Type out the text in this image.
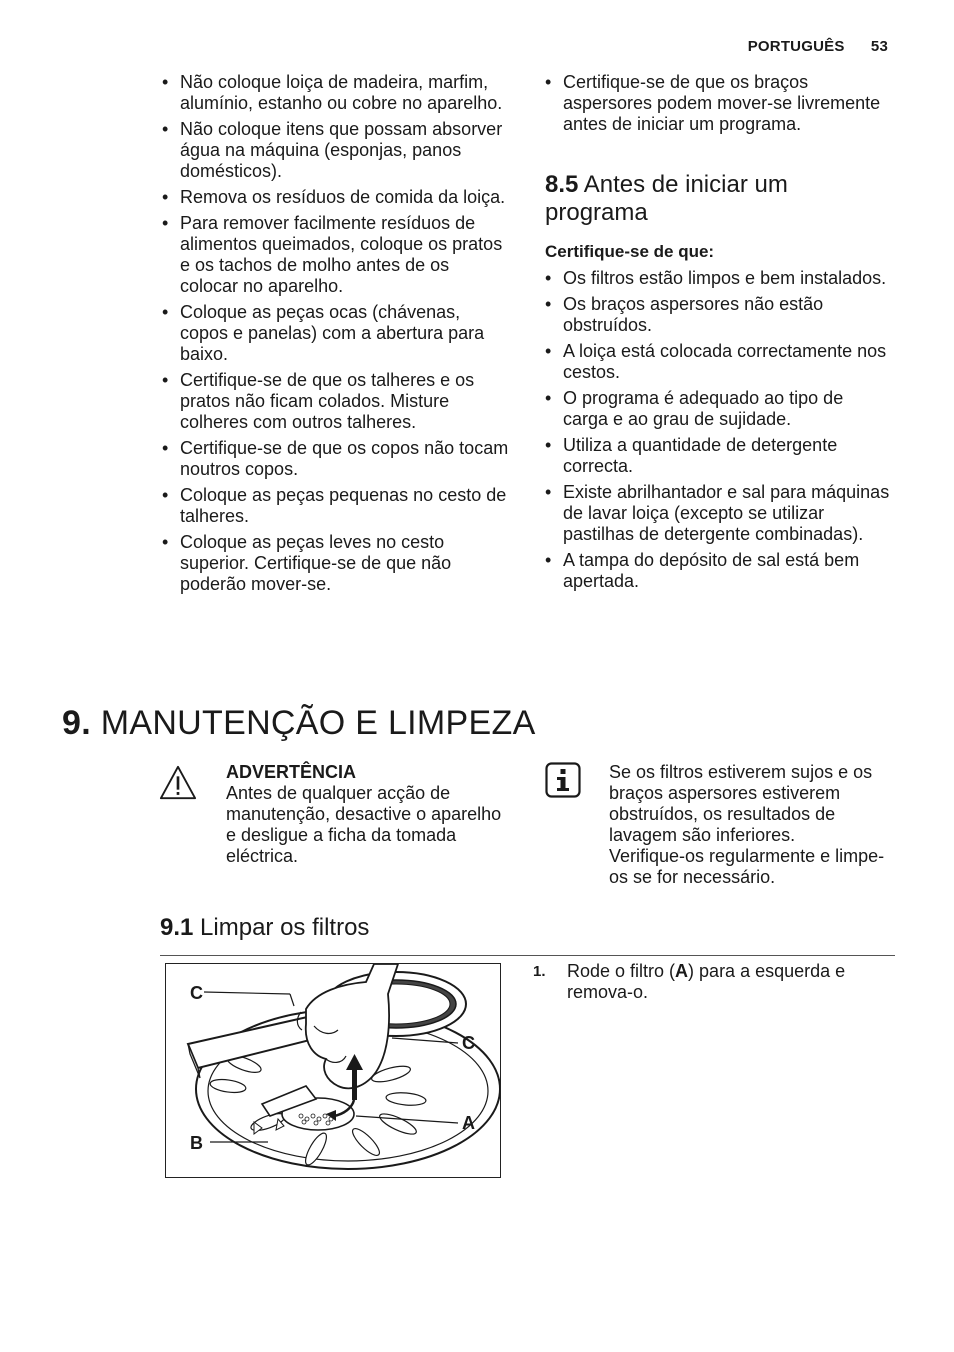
PORTUGUÊS 53
• Não coloque loiça de madeira, marfim, alumínio, estanho ou cobre no aparelho.
• Não coloque itens que possam absorver água na máquina (esponjas, panos domésticos).
• Remova os resíduos de comida da loiça.
• Para remover facilmente resíduos de alimentos queimados, coloque os pratos e os tachos de molho antes de os colocar no aparelho.
• Coloque as peças ocas (chávenas, copos e panelas) com a abertura para baixo.
• Certifique-se de que os talheres e os pratos não ficam colados. Misture colheres com outros talheres.
• Certifique-se de que os copos não tocam noutros copos.
• Coloque as peças pequenas no cesto de talheres.
• Coloque as peças leves no cesto superior. Certifique-se de que não poderão mover-se.
• Certifique-se de que os braços aspersores podem mover-se livremente antes de iniciar um programa.
8.5 Antes de iniciar um programa
Certifique-se de que:
• Os filtros estão limpos e bem instalados.
• Os braços aspersores não estão obstruídos.
• A loiça está colocada correctamente nos cestos.
• O programa é adequado ao tipo de carga e ao grau de sujidade.
• Utiliza a quantidade de detergente correcta.
• Existe abrilhantador e sal para máquinas de lavar loiça (excepto se utilizar pastilhas de detergente combinadas).
• A tampa do depósito de sal está bem apertada.
9. MANUTENÇÃO E LIMPEZA
ADVERTÊNCIA
Antes de qualquer acção de manutenção, desactive o aparelho e desligue a ficha da tomada eléctrica.
Se os filtros estiverem sujos e os braços aspersores estiverem obstruídos, os resultados de lavagem são inferiores.
Verifique-os regularmente e limpe-os se for necessário.
9.1 Limpar os filtros
C
C
A
B
1.	Rode o filtro (A) para a esquerda e remova-o.
